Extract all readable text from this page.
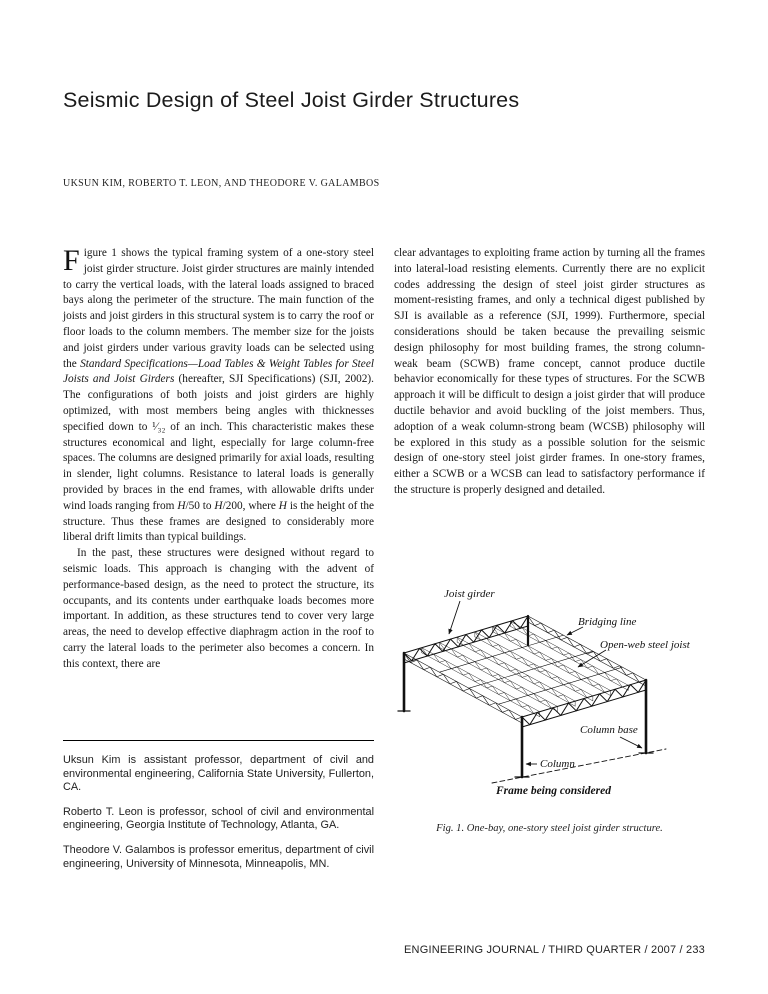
Seismic Design of Steel Joist Girder Structures
UKSUN KIM, ROBERTO T. LEON, AND THEODORE V. GALAMBOS

Figure 1 shows the typical framing system of a one-story steel joist girder structure. Joist girder structures are mainly intended to carry the vertical loads, with the lateral loads assigned to braced bays along the perimeter of the structure. The main function of the joists and joist girders in this structural system is to carry the roof or floor loads to the column members. The member size for the joists and joist girders under various gravity loads can be selected using the Standard Specifications—Load Tables & Weight Tables for Steel Joists and Joist Girders (hereafter, SJI Specifications) (SJI, 2002). The configurations of both joists and joist girders are highly optimized, with most members being angles with thicknesses specified down to ¹⁄₃₂ of an inch. This characteristic makes these structures economical and light, especially for large column-free spaces. The columns are designed primarily for axial loads, resulting in slender, light columns. Resistance to lateral loads is generally provided by braces in the end frames, with allowable drifts under wind loads ranging from H/50 to H/200, where H is the height of the structure. Thus these frames are designed to considerably more liberal drift limits than typical buildings.

In the past, these structures were designed without regard to seismic loads. This approach is changing with the advent of performance-based design, as the need to protect the structure, its occupants, and its contents under earthquake loads becomes more important. In addition, as these structures tend to cover very large areas, the need to develop effective diaphragm action in the roof to carry the lateral loads to the perimeter also becomes a concern. In this context, there are

clear advantages to exploiting frame action by turning all the frames into lateral-load resisting elements. Currently there are no explicit codes addressing the design of steel joist girder structures as moment-resisting frames, and only a technical digest published by SJI is available as a reference (SJI, 1999). Furthermore, special considerations should be taken because the prevailing seismic design philosophy for most building frames, the strong column-weak beam (SCWB) frame concept, cannot produce ductile behavior economically for these types of structures. For the SCWB approach it will be difficult to design a joist girder that will produce ductile behavior and avoid buckling of the joist members. Thus, adoption of a weak column-strong beam (WCSB) philosophy will be explored in this study as a possible solution for the seismic design of one-story steel joist girder frames. In one-story frames, either a SCWB or a WCSB can lead to satisfactory performance if the structure is properly designed and detailed.

Joist girder
Bridging line
Open-web steel joist
Column base
Column
Frame being considered
Fig. 1. One-bay, one-story steel joist girder structure.

Uksun Kim is assistant professor, department of civil and environmental engineering, California State University, Fullerton, CA.

Roberto T. Leon is professor, school of civil and environmental engineering, Georgia Institute of Technology, Atlanta, GA.

Theodore V. Galambos is professor emeritus, department of civil engineering, University of Minnesota, Minneapolis, MN.

ENGINEERING JOURNAL / THIRD QUARTER / 2007 / 233
